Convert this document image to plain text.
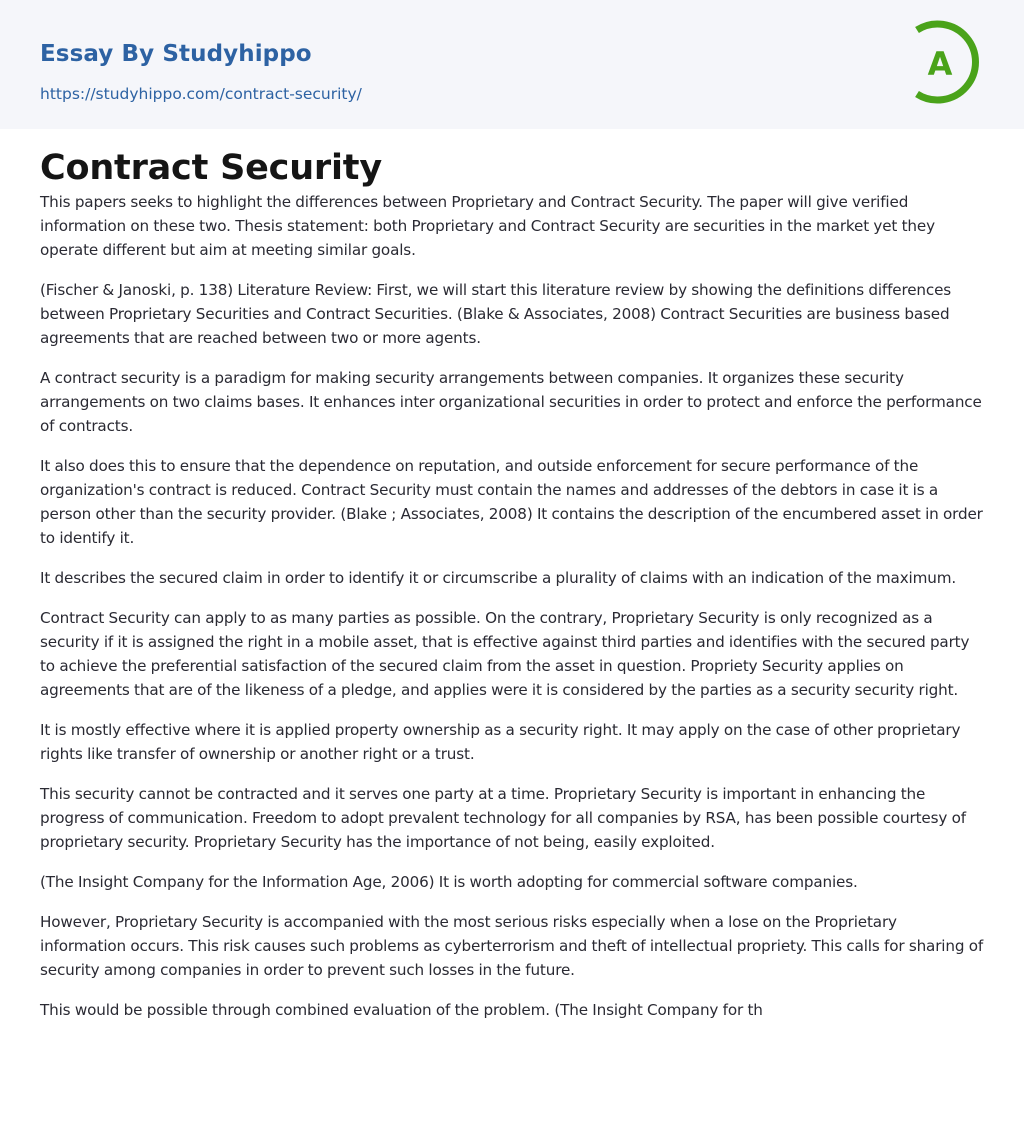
Essay By Studyhippo
https://studyhippo.com/contract-security/
A
Contract Security

This papers seeks to highlight the differences between Proprietary and Contract Security. The paper will give verified information on these two. Thesis statement: both Proprietary and Contract Security are securities in the market yet they operate different but aim at meeting similar goals.

(Fischer & Janoski, p. 138) Literature Review: First, we will start this literature review by showing the definitions differences between Proprietary Securities and Contract Securities. (Blake & Associates, 2008) Contract Securities are business based agreements that are reached between two or more agents.

A contract security is a paradigm for making security arrangements between companies. It organizes these security arrangements on two claims bases. It enhances inter organizational securities in order to protect and enforce the performance of contracts.

It also does this to ensure that the dependence on reputation, and outside enforcement for secure performance of the organization's contract is reduced. Contract Security must contain the names and addresses of the debtors in case it is a person other than the security provider. (Blake ; Associates, 2008) It contains the description of the encumbered asset in order to identify it.

It describes the secured claim in order to identify it or circumscribe a plurality of claims with an indication of the maximum.

Contract Security can apply to as many parties as possible. On the contrary, Proprietary Security is only recognized as a security if it is assigned the right in a mobile asset, that is effective against third parties and identifies with the secured party to achieve the preferential satisfaction of the secured claim from the asset in question. Propriety Security applies on agreements that are of the likeness of a pledge, and applies were it is considered by the parties as a security security right.

It is mostly effective where it is applied property ownership as a security right. It may apply on the case of other proprietary rights like transfer of ownership or another right or a trust.

This security cannot be contracted and it serves one party at a time. Proprietary Security is important in enhancing the progress of communication. Freedom to adopt prevalent technology for all companies by RSA, has been possible courtesy of proprietary security. Proprietary Security has the importance of not being, easily exploited.

(The Insight Company for the Information Age, 2006) It is worth adopting for commercial software companies.

However, Proprietary Security is accompanied with the most serious risks especially when a lose on the Proprietary information occurs. This risk causes such problems as cyberterrorism and theft of intellectual propriety. This calls for sharing of security among companies in order to prevent such losses in the future.

This would be possible through combined evaluation of the problem. (The Insight Company for th
